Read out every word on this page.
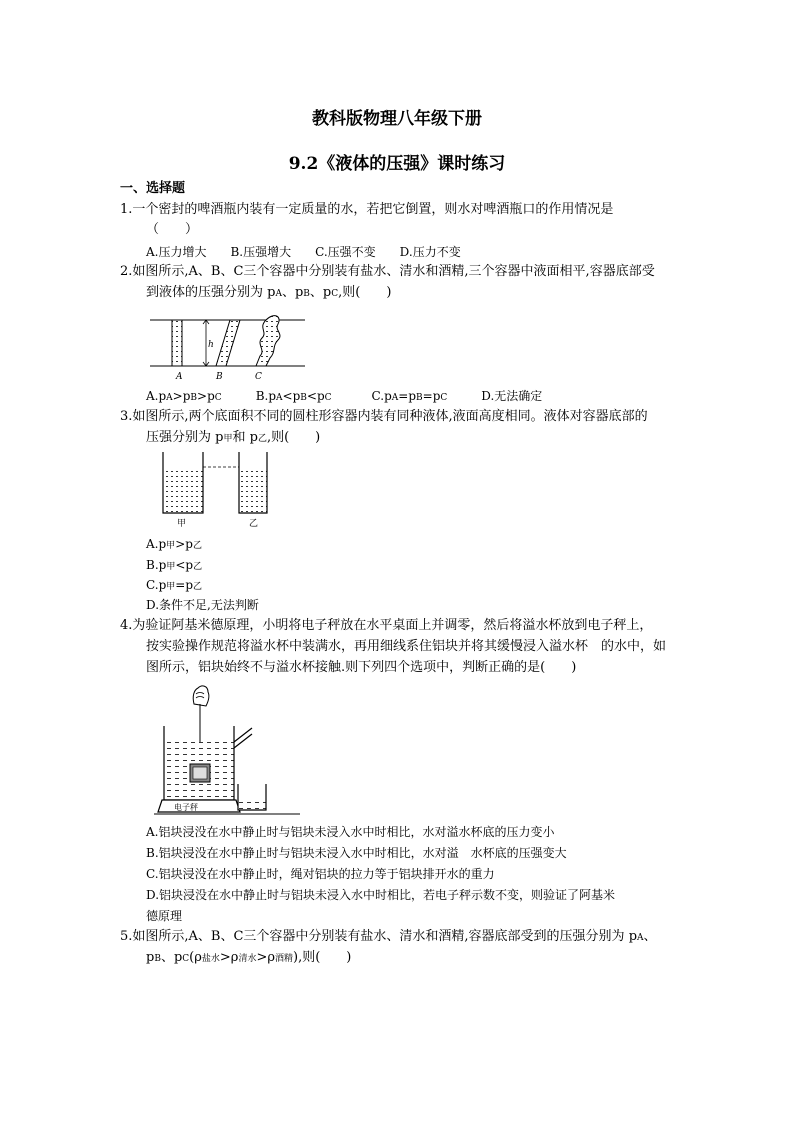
教科版物理八年级下册
9.2《液体的压强》课时练习
一、选择题
1.一个密封的啤酒瓶内装有一定质量的水，若把它倒置，则水对啤酒瓶口的作用情况是
（　　）
A.压力增大　　B.压强增大　　C.压强不变　　D.压力不变
2.如图所示,A、B、C三个容器中分别装有盐水、清水和酒精,三个容器中液面相平,容器底部受
到液体的压强分别为 pA、pB、pC,则(　　)
A	B	C
h
A.pA>pB>pC	B.pA<pB<pC	C.pA=pB=pC	D.无法确定
3.如图所示,两个底面积不同的圆柱形容器内装有同种液体,液面高度相同。液体对容器底部的
压强分别为 p甲和 p乙,则(　　)
甲	乙
A.p甲>p乙
B.p甲<p乙
C.p甲=p乙
D.条件不足,无法判断
4.为验证阿基米德原理，小明将电子秤放在水平桌面上并调零，然后将溢水杯放到电子秤上，
按实验操作规范将溢水杯中装满水，再用细线系住铝块并将其缓慢浸入溢水杯　的水中，如
图所示，铝块始终不与溢水杯接触.则下列四个选项中，判断正确的是(　　)
电子秤
A.铝块浸没在水中静止时与铝块未浸入水中时相比，水对溢水杯底的压力变小
B.铝块浸没在水中静止时与铝块未浸入水中时相比，水对溢　水杯底的压强变大
C.铝块浸没在水中静止时，绳对铝块的拉力等于铝块排开水的重力
D.铝块浸没在水中静止时与铝块未浸入水中时相比，若电子秤示数不变，则验证了阿基米
德原理
5.如图所示,A、B、C三个容器中分别装有盐水、清水和酒精,容器底部受到的压强分别为 pA、
pB、pC(ρ盐水>ρ清水>ρ酒精),则(　　)
